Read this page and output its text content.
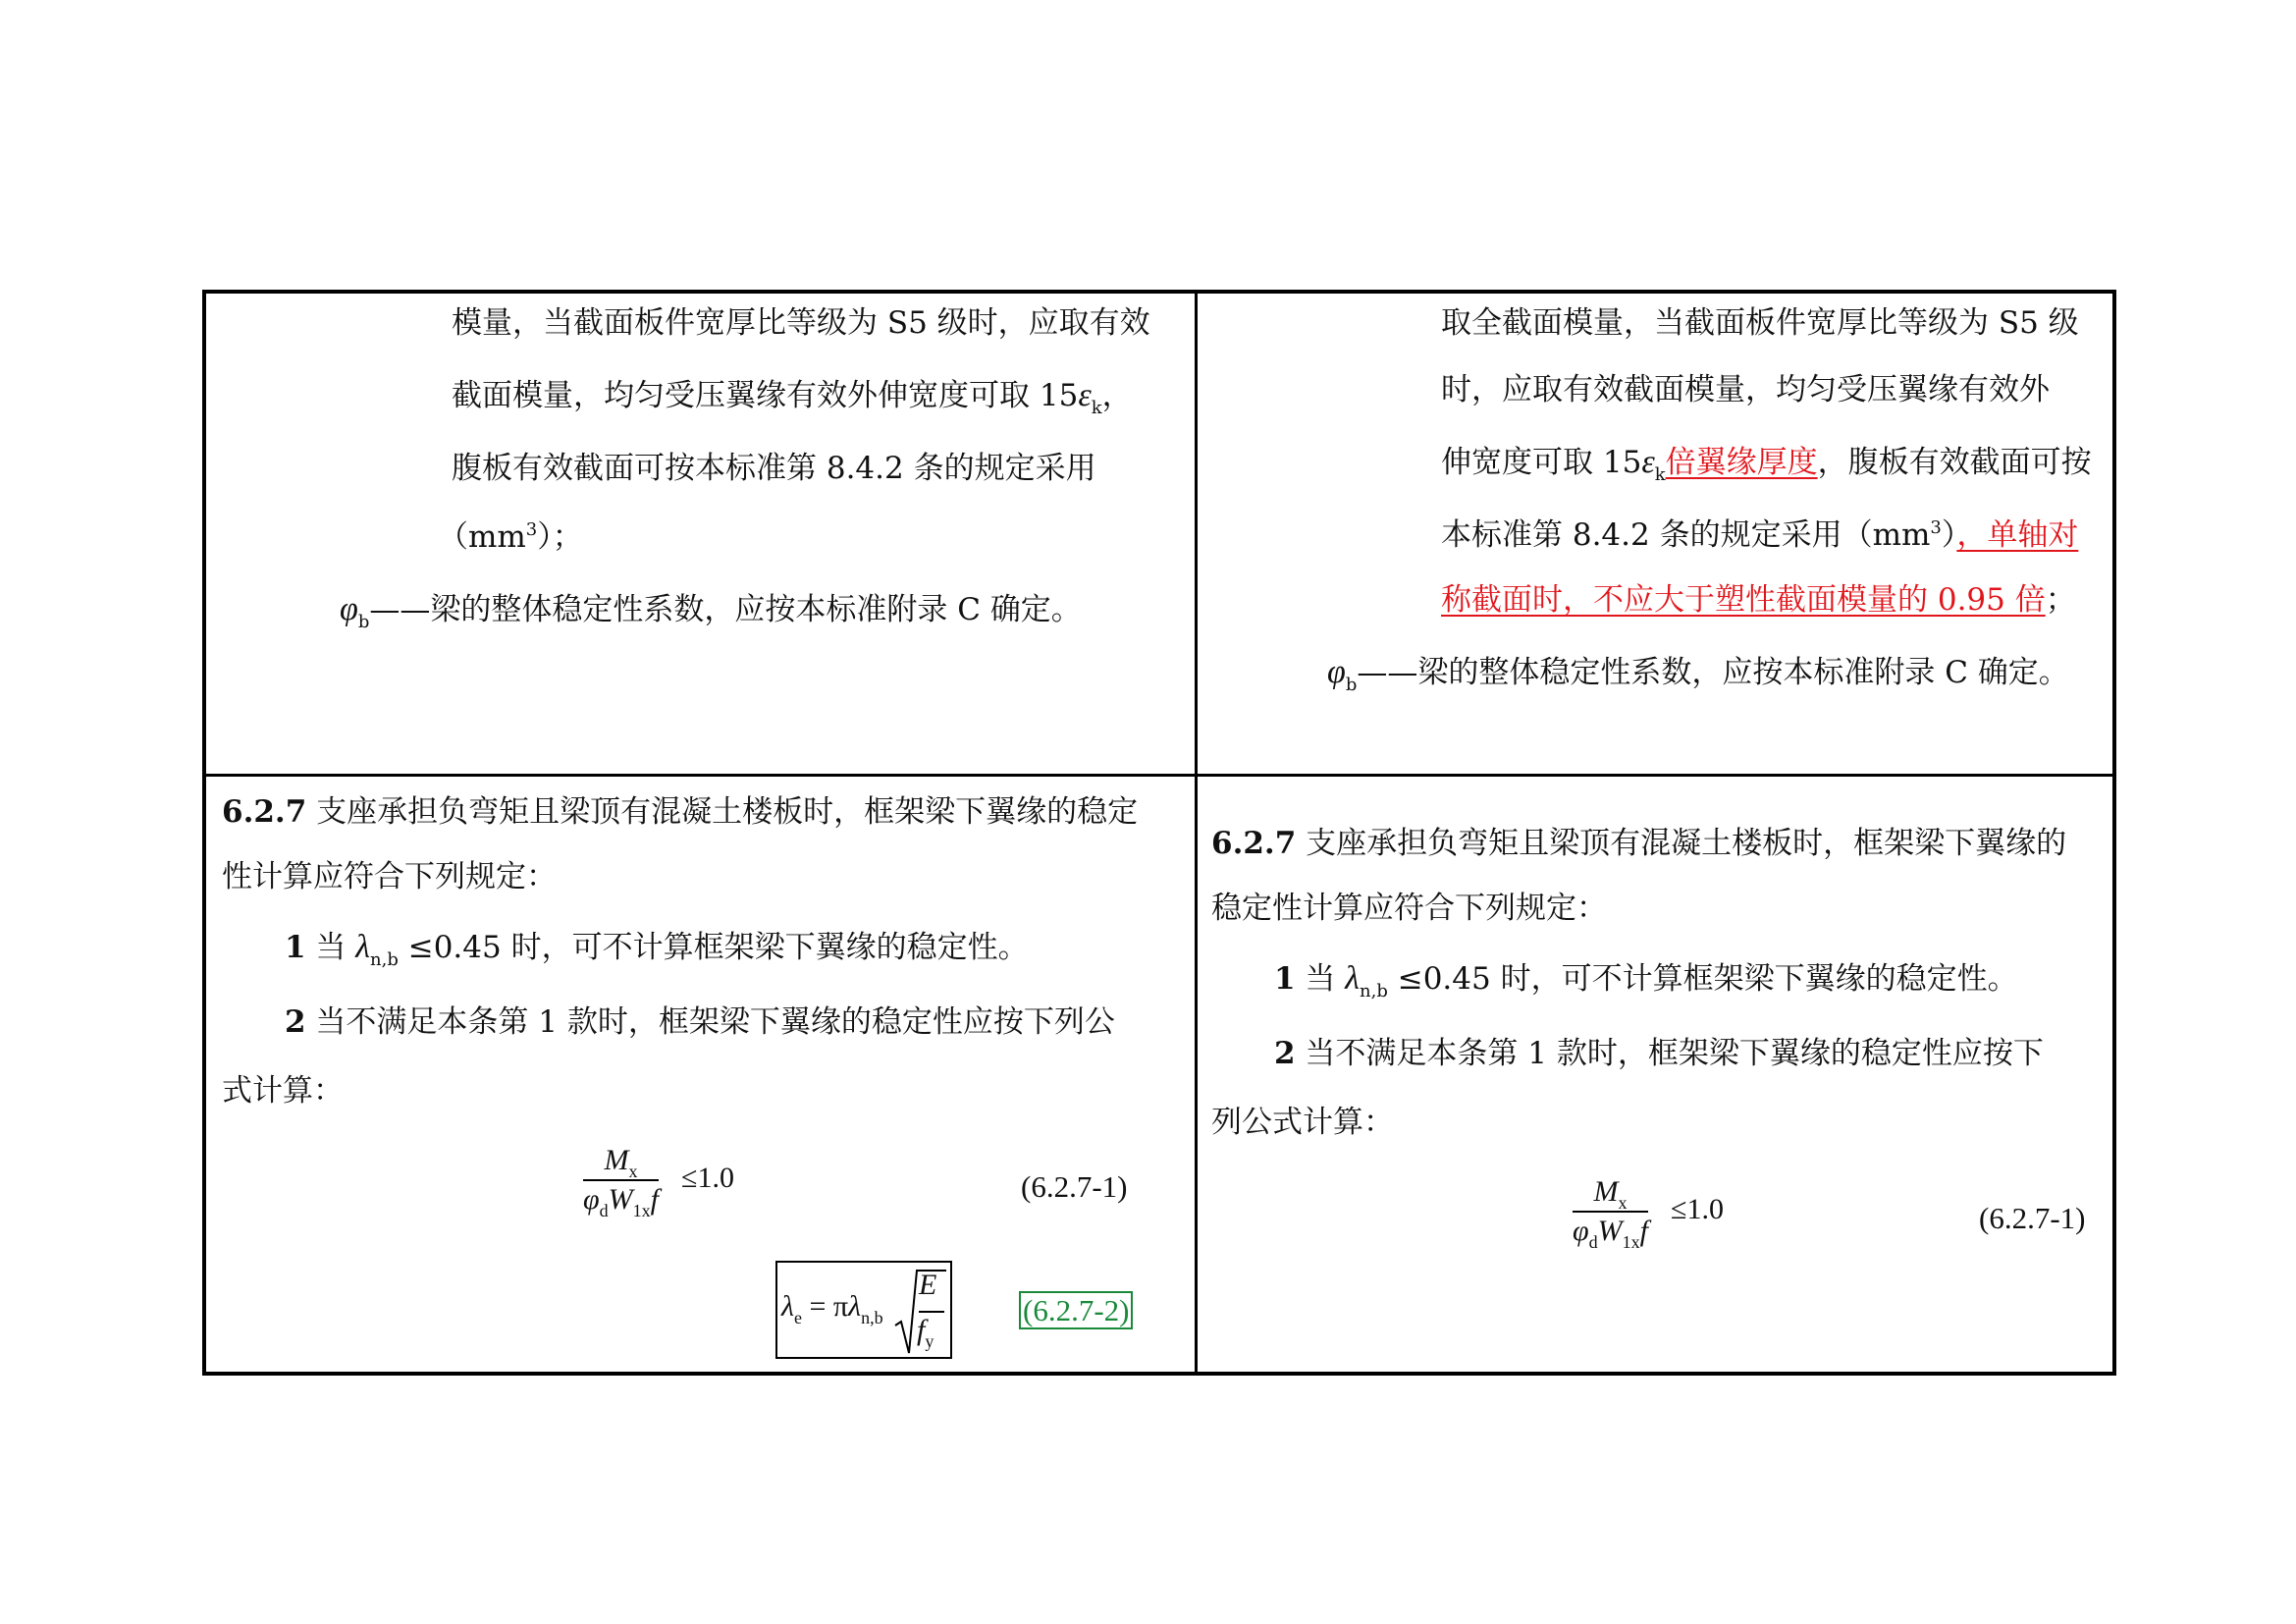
模量，当截面板件宽厚比等级为 S5 级时，应取有效
截面模量，均匀受压翼缘有效外伸宽度可取 $15\varepsilon_k$，
腹板有效截面可按本标准第 8.4.2 条的规定采用
$(mm^3)$；
$\varphi_b——$梁的整体稳定性系数，应按本标准附录 C 确定。
取全截面模量，当截面板件宽厚比等级为 S5 级
时，应取有效截面模量，均匀受压翼缘有效外
伸宽度可取 $15\varepsilon_k$倍翼缘厚度，腹板有效截面可按
本标准第 8.4.2 条的规定采用$(mm^3)$，单轴对
称截面时，不应大于塑性截面模量的 0.95 倍；
$\varphi_b——$梁的整体稳定性系数，应按本标准附录 C 确定。
6.2.7 支座承担负弯矩且梁顶有混凝土楼板时，框架梁下翼缘的稳定
性计算应符合下列规定：
1 当 $\lambda_{n,b} \le 0.45$ 时，可不计算框架梁下翼缘的稳定性。
2 当不满足本条第 1 款时，框架梁下翼缘的稳定性应按下列公
式计算：
$M_x$
$\varphi_dW_{1x}f$
≤1.0	(6.2.7-1)
$\lambda_e = \pi\lambda_{n,b}$
E
$f_y$
(6.2.7-2)
6.2.7 支座承担负弯矩且梁顶有混凝土楼板时，框架梁下翼缘的
稳定性计算应符合下列规定：
1 当 $\lambda_{n,b} \le 0.45$ 时，可不计算框架梁下翼缘的稳定性。
2 当不满足本条第 1 款时，框架梁下翼缘的稳定性应按下
列公式计算：
$M_x$
$\varphi_dW_{1x}f$
≤1.0	(6.2.7-1)
